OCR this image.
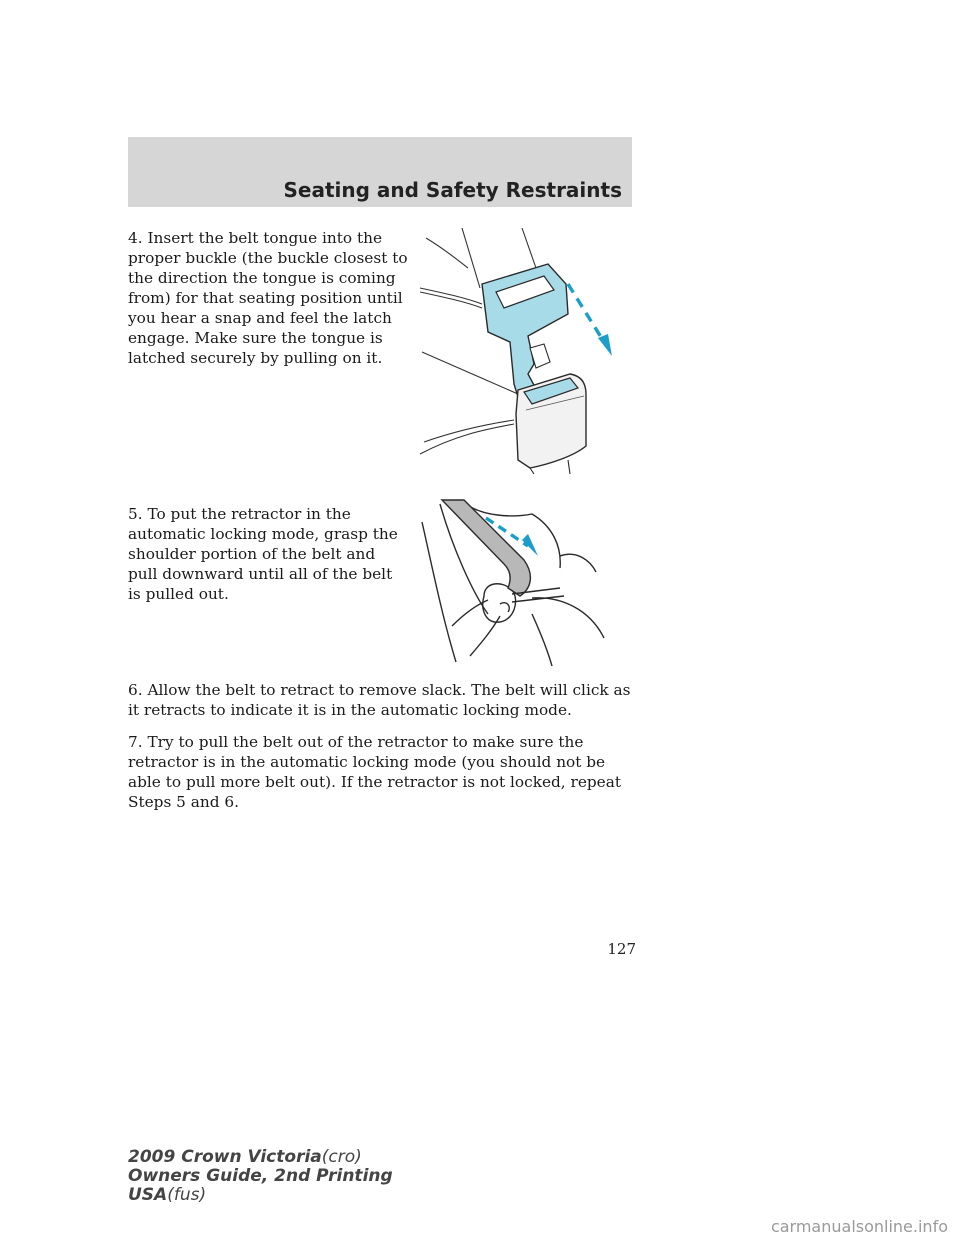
Seating and Safety Restraints

4. Insert the belt tongue into the proper buckle (the buckle closest to the direction the tongue is coming from) for that seating position until you hear a snap and feel the latch engage. Make sure the tongue is latched securely by pulling on it.

5. To put the retractor in the automatic locking mode, grasp the shoulder portion of the belt and pull downward until all of the belt is pulled out.

6. Allow the belt to retract to remove slack. The belt will click as it retracts to indicate it is in the automatic locking mode.

7. Try to pull the belt out of the retractor to make sure the retractor is in the automatic locking mode (you should not be able to pull more belt out). If the retractor is not locked, repeat Steps 5 and 6.

127

2009 Crown Victoria(cro)
Owners Guide, 2nd Printing
USA(fus)

carmanualsonline.info
